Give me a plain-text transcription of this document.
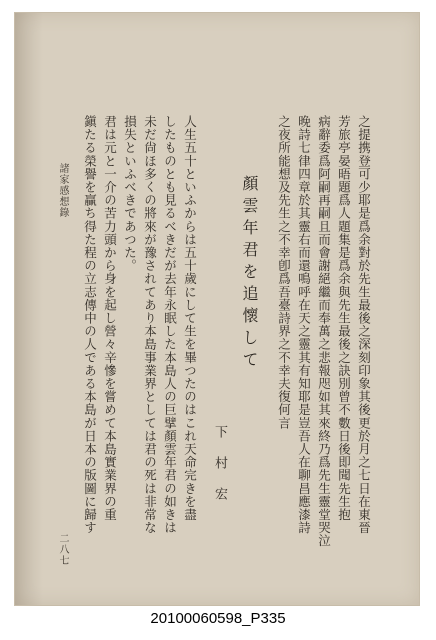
諸家感想錄
二八七
之提携登可少耶是爲余對於先生最後之深刻印象其後更於月之七日在東晉
芳旅亭晏晤題爲人題集是爲余與先生最後之訣別曾不數日後即聞先生抱
病辭委爲阿嗣再嗣且而會謝絕繼而奉萬之悲報咫如其來終乃爲先生靈堂哭泣
晚詩七律四章於其靈右而還鳴呼在天之靈其有知耶是豈吾人在聊昌應漆詩
之夜所能想及先生之不幸卽爲吾臺詩界之不幸夫復何言
顏雲年君を追懷して
下村宏
人生五十といふからは五十歲にして生を畢つたのはこれ天命完きを盡
したものとも見るべきだが去年永眠した本島人の巨擘顏雲年君の如きは
未だ尙ほ多くの將來が豫されてあり本島事業界としては君の死は非常な
損失といふべきであつた。
君は元と一介の苦力頭から身を起し營々辛慘を嘗めて本島實業界の重
鎭たる榮譽を贏ち得た程の立志傳中の人である本島が日本の版圖に歸す
20100060598_P335
